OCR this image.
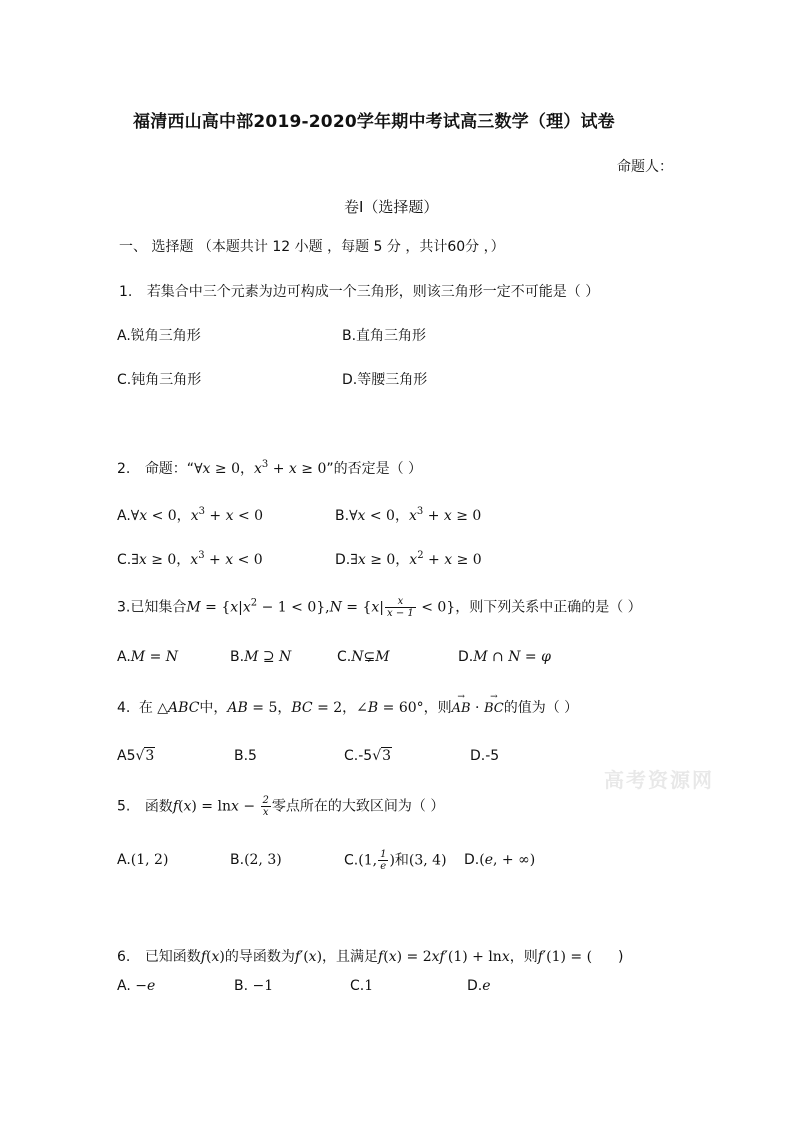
福清西山高中部2019-2020学年期中考试高三数学（理）试卷
命题人：
卷Ⅰ（选择题）
一、 选择题 （本题共计 12 小题 ，每题 5 分 ，共计60分 ，）
1. 若集合中三个元素为边可构成一个三角形，则该三角形一定不可能是（ ）
A.锐角三角形	B.直角三角形
C.钝角三角形	D.等腰三角形
2. 命题：“∀x ≥ 0，$x^3 + x \ge 0$”的否定是（ ）
A.∀x < 0，$x^3 + x < 0$	B.∀x < 0，$x^3 + x \ge 0$
C.∃x ≥ 0，$x^3 + x < 0$	D.∃x ≥ 0，$x^2 + x \ge 0$
3.已知集合$M = \{x|x^2 - 1 < 0\},N = \{x| \frac{x}{x - 1} < 0\}$，则下列关系中正确的是（ ）
A.M = N	B.M ⊇ N	C.N⊊M	D.M ∩ N = φ
4. 在 △ABC中，AB = 5，BC = 2，∠B = 60°，则→ AB · → BC的值为（ ）
A5√3	B.5	C.-5√3	D.-5
高考资源网
5. 函数$f(x) = \ln x - \frac{2}{x}$ 零点所在的大致区间为（ ）
A.(1, 2)	B.(2, 3)	C.(1, $\frac{1}{e}$ )和(3, 4) D.(e, + ∞)
6. 已知函数f(x)的导函数为f′(x)，且满足f(x) = 2xf′(1) + lnx，则f′(1) = ( )
A. −e	B. −1	C.1	D.e
